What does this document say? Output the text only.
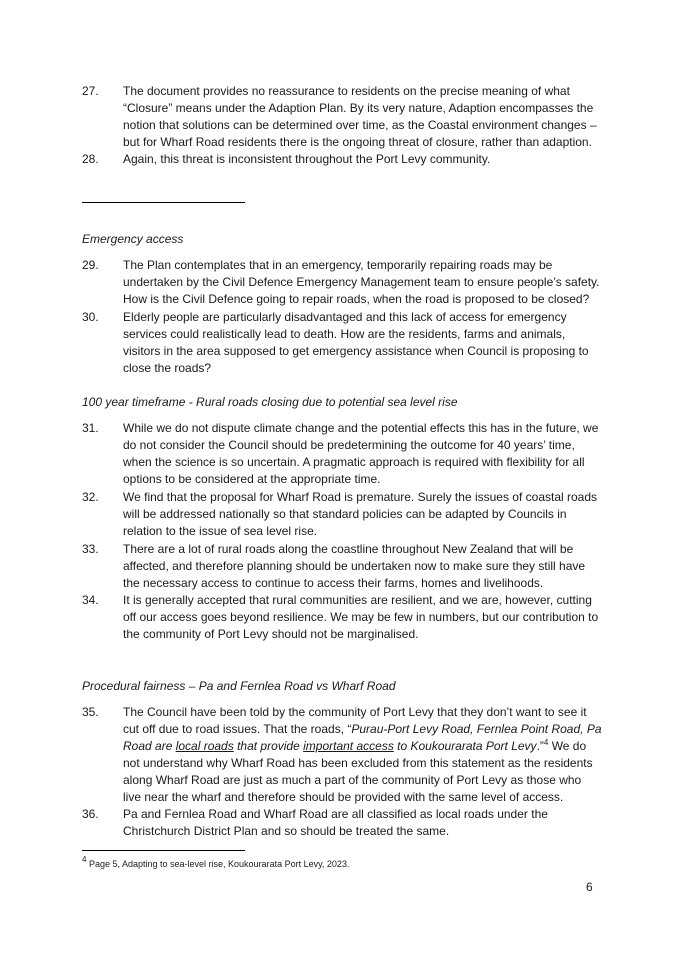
27.	The document provides no reassurance to residents on the precise meaning of what “Closure” means under the Adaption Plan. By its very nature, Adaption encompasses the notion that solutions can be determined over time, as the Coastal environment changes – but for Wharf Road residents there is the ongoing threat of closure, rather than adaption.
28.	Again, this threat is inconsistent throughout the Port Levy community.
Emergency access
29.	The Plan contemplates that in an emergency, temporarily repairing roads may be undertaken by the Civil Defence Emergency Management team to ensure people’s safety. How is the Civil Defence going to repair roads, when the road is proposed to be closed?
30.	Elderly people are particularly disadvantaged and this lack of access for emergency services could realistically lead to death. How are the residents, farms and animals, visitors in the area supposed to get emergency assistance when Council is proposing to close the roads?
100 year timeframe - Rural roads closing due to potential sea level rise
31.	While we do not dispute climate change and the potential effects this has in the future, we do not consider the Council should be predetermining the outcome for 40 years’ time, when the science is so uncertain. A pragmatic approach is required with flexibility for all options to be considered at the appropriate time.
32.	We find that the proposal for Wharf Road is premature. Surely the issues of coastal roads will be addressed nationally so that standard policies can be adapted by Councils in relation to the issue of sea level rise.
33.	There are a lot of rural roads along the coastline throughout New Zealand that will be affected, and therefore planning should be undertaken now to make sure they still have the necessary access to continue to access their farms, homes and livelihoods.
34.	It is generally accepted that rural communities are resilient, and we are, however, cutting off our access goes beyond resilience. We may be few in numbers, but our contribution to the community of Port Levy should not be marginalised.
Procedural fairness – Pa and Fernlea Road vs Wharf Road
35.	The Council have been told by the community of Port Levy that they don’t want to see it cut off due to road issues. That the roads, “Purau-Port Levy Road, Fernlea Point Road, Pa Road are local roads that provide important access to Koukourarata Port Levy.”$^4$ We do not understand why Wharf Road has been excluded from this statement as the residents along Wharf Road are just as much a part of the community of Port Levy as those who live near the wharf and therefore should be provided with the same level of access.
36.	Pa and Fernlea Road and Wharf Road are all classified as local roads under the Christchurch District Plan and so should be treated the same.
$^4$ Page 5, Adapting to sea-level rise, Koukourarata Port Levy, 2023.
6
